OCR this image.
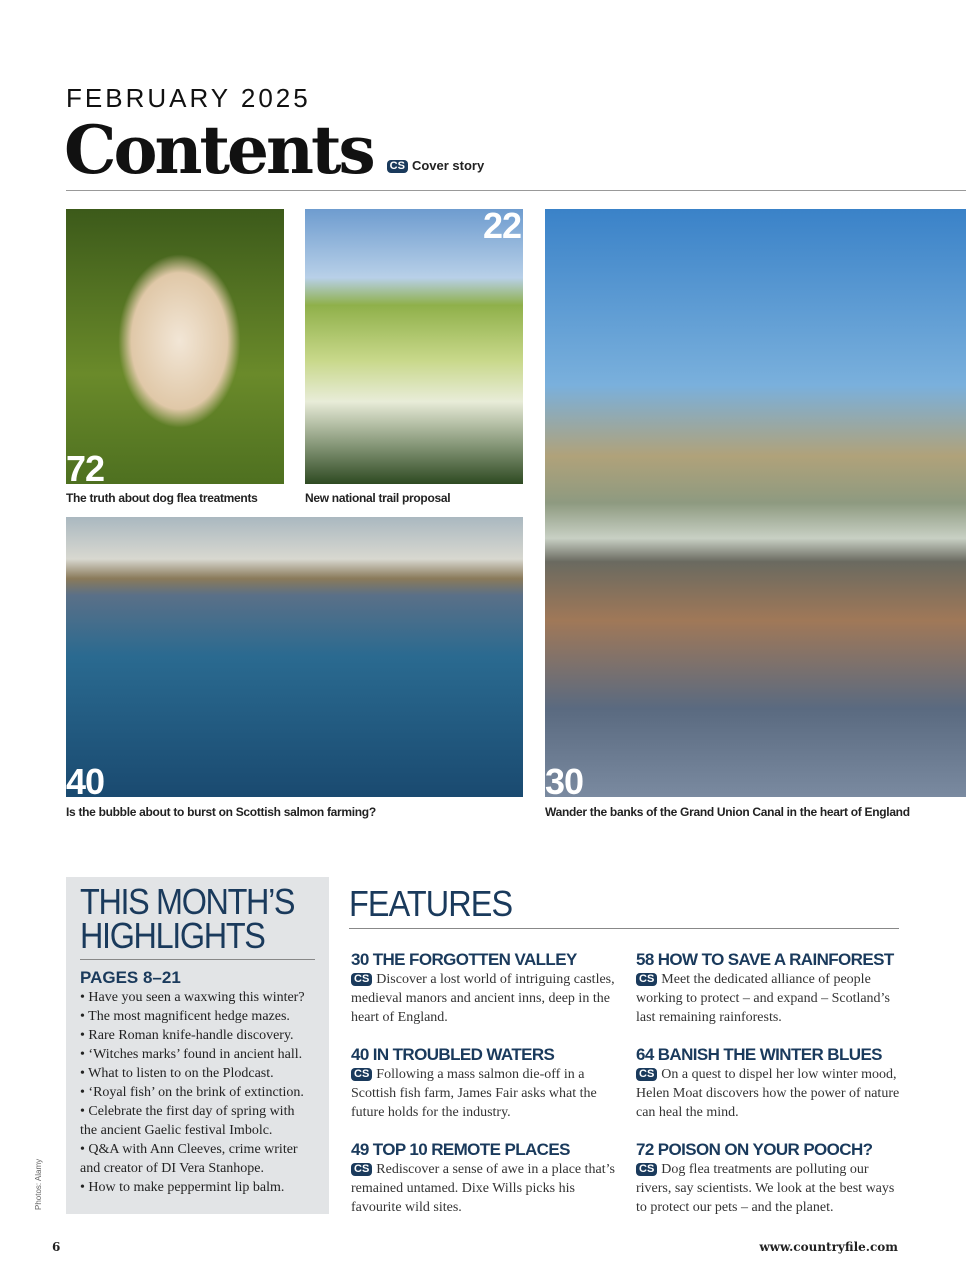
FEBRUARY 2025
Contents CS Cover story
72
The truth about dog flea treatments
22
New national trail proposal
30
Wander the banks of the Grand Union Canal in the heart of England
40
Is the bubble about to burst on Scottish salmon farming?
THIS MONTH’S
HIGHLIGHTS
PAGES 8–21
• Have you seen a waxwing this winter?
• The most magnificent hedge mazes.
• Rare Roman knife-handle discovery.
• ‘Witches marks’ found in ancient hall.
• What to listen to on the Plodcast.
• ‘Royal fish’ on the brink of extinction.
• Celebrate the first day of spring with the ancient Gaelic festival Imbolc.
• Q&A with Ann Cleeves, crime writer and creator of DI Vera Stanhope.
• How to make peppermint lip balm.
FEATURES
30 THE FORGOTTEN VALLEY

CS Discover a lost world of intriguing castles, medieval manors and ancient inns, deep in the heart of England.

40 IN TROUBLED WATERS

CS Following a mass salmon die-off in a Scottish fish farm, James Fair asks what the future holds for the industry.

49 TOP 10 REMOTE PLACES

CS Rediscover a sense of awe in a place that’s remained untamed. Dixe Wills picks his favourite wild sites.

58 HOW TO SAVE A RAINFOREST

CS Meet the dedicated alliance of people working to protect – and expand – Scotland’s last remaining rainforests.

64 BANISH THE WINTER BLUES

CS On a quest to dispel her low winter mood, Helen Moat discovers how the power of nature can heal the mind.

72 POISON ON YOUR POOCH?

CS Dog flea treatments are polluting our rivers, say scientists. We look at the best ways to protect our pets – and the planet.

Photos: Alamy
6	www.countryfile.com
